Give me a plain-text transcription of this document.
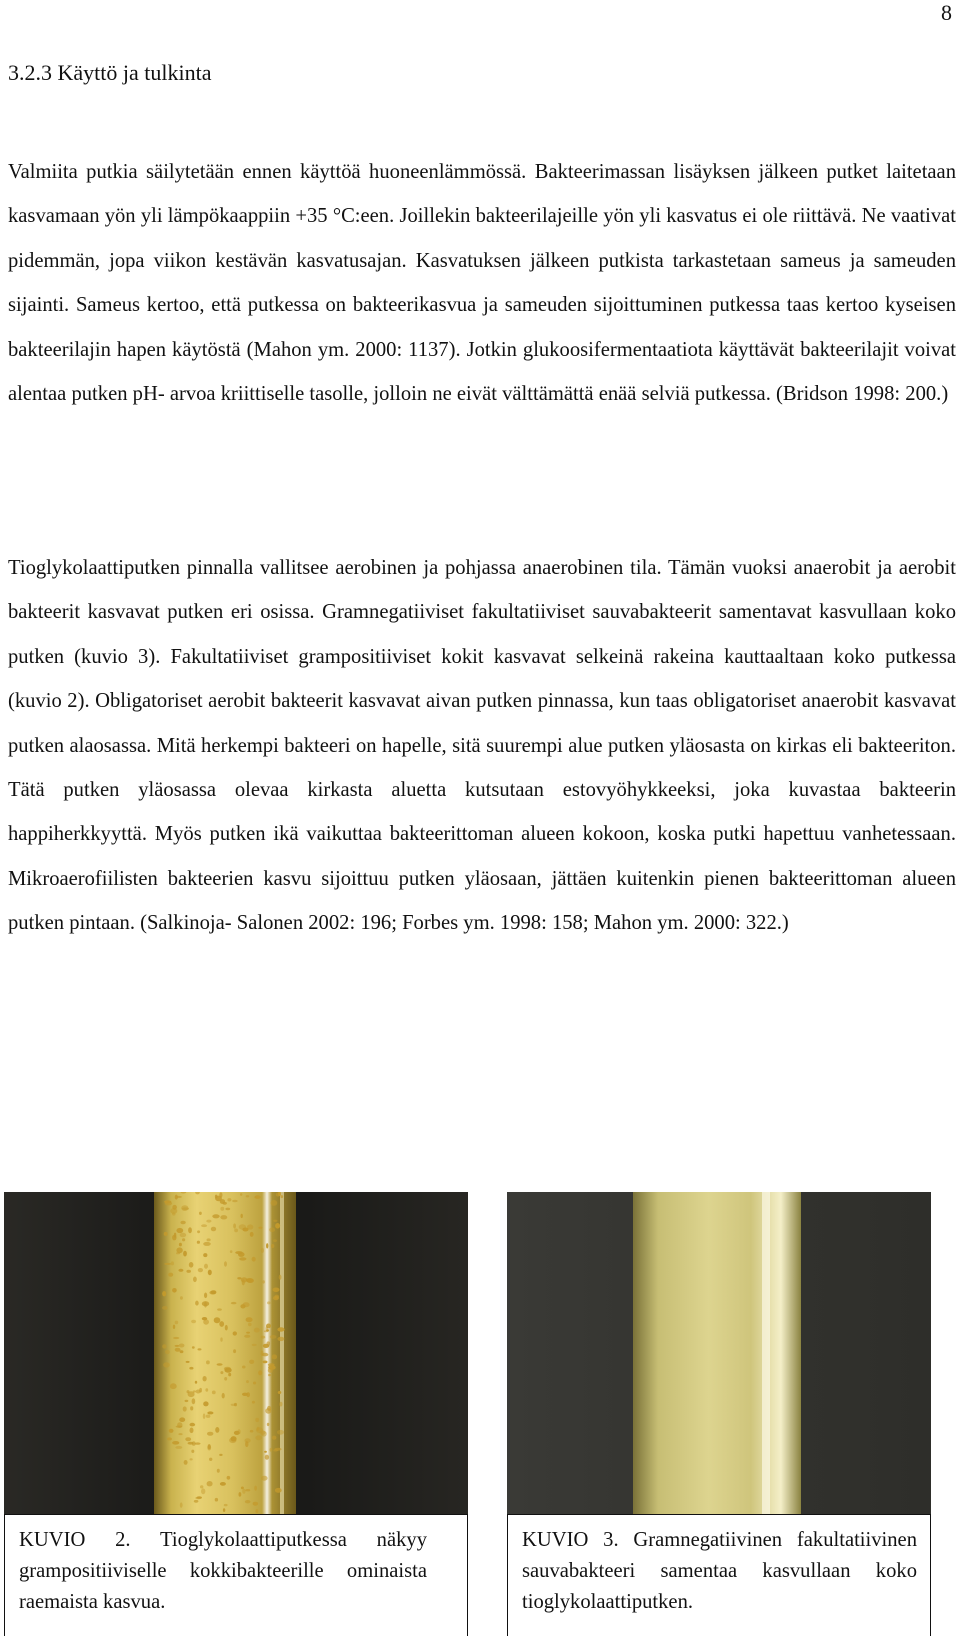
8
3.2.3 Käyttö ja tulkinta

Valmiita putkia säilytetään ennen käyttöä huoneenlämmössä. Bakteerimassan lisäyksen jälkeen putket laitetaan kasvamaan yön yli lämpökaappiin +35 °C:een. Joillekin bakteerilajeille yön yli kasvatus ei ole riittävä. Ne vaativat pidemmän, jopa viikon kestävän kasvatusajan. Kasvatuksen jälkeen putkista tarkastetaan sameus ja sameuden sijainti. Sameus kertoo, että putkessa on bakteerikasvua ja sameuden sijoittuminen putkessa taas kertoo kyseisen bakteerilajin hapen käytöstä (Mahon ym. 2000: 1137). Jotkin glukoosifermentaatiota käyttävät bakteerilajit voivat alentaa putken pH- arvoa kriittiselle tasolle, jolloin ne eivät välttämättä enää selviä putkessa. (Bridson 1998: 200.)

Tioglykolaattiputken pinnalla vallitsee aerobinen ja pohjassa anaerobinen tila. Tämän vuoksi anaerobit ja aerobit bakteerit kasvavat putken eri osissa. Gramnegatiiviset fakultatiiviset sauvabakteerit samentavat kasvullaan koko putken (kuvio 3). Fakultatiiviset grampositiiviset kokit kasvavat selkeinä rakeina kauttaaltaan koko putkessa (kuvio 2). Obligatoriset aerobit bakteerit kasvavat aivan putken pinnassa, kun taas obligatoriset anaerobit kasvavat putken alaosassa. Mitä herkempi bakteeri on hapelle, sitä suurempi alue putken yläosasta on kirkas eli bakteeriton. Tätä putken yläosassa olevaa kirkasta aluetta kutsutaan estovyöhykkeeksi, joka kuvastaa bakteerin happiherkkyyttä. Myös putken ikä vaikuttaa bakteerittoman alueen kokoon, koska putki hapettuu vanhetessaan. Mikroaerofiilisten bakteerien kasvu sijoittuu putken yläosaan, jättäen kuitenkin pienen bakteerittoman alueen putken pintaan. (Salkinoja- Salonen 2002: 196; Forbes ym. 1998: 158; Mahon ym. 2000: 322.)

KUVIO 2. Tioglykolaattiputkessa näkyy grampositiiviselle kokkibakteerille ominaista raemaista kasvua.

KUVIO 3. Gramnegatiivinen fakultatiivinen sauvabakteeri samentaa kasvullaan koko tioglykolaattiputken.
